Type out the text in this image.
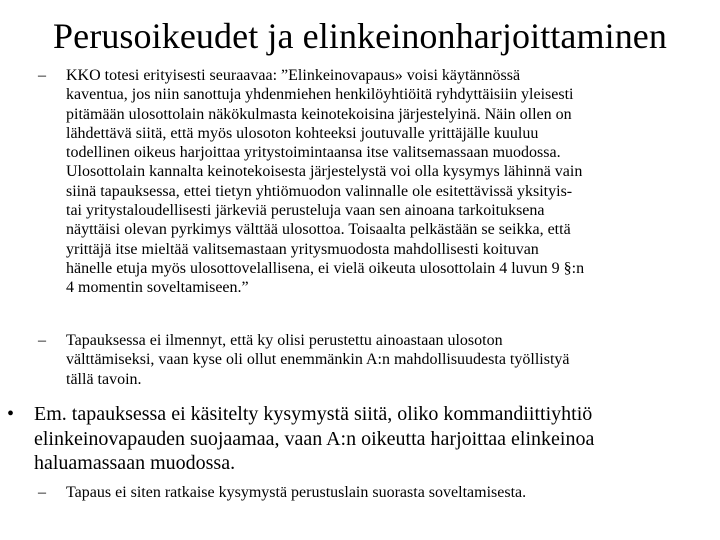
Perusoikeudet ja elinkeinonharjoittaminen
– KKO totesi erityisesti seuraavaa: ”Elinkeinovapaus» voisi käytännössä
kaventua, jos niin sanottuja yhdenmiehen henkilöyhtiöitä ryhdyttäisiin yleisesti
pitämään ulosottolain näkökulmasta keinotekoisina järjestelyinä. Näin ollen on
lähdettävä siitä, että myös ulosoton kohteeksi joutuvalle yrittäjälle kuuluu
todellinen oikeus harjoittaa yritystoimintaansa itse valitsemassaan muodossa.
Ulosottolain kannalta keinotekoisesta järjestelystä voi olla kysymys lähinnä vain
siinä tapauksessa, ettei tietyn yhtiömuodon valinnalle ole esitettävissä yksityis-
tai yritystaloudellisesti järkeviä perusteluja vaan sen ainoana tarkoituksena
näyttäisi olevan pyrkimys välttää ulosottoa. Toisaalta pelkästään se seikka, että
yrittäjä itse mieltää valitsemastaan yritysmuodosta mahdollisesti koituvan
hänelle etuja myös ulosottovelallisena, ei vielä oikeuta ulosottolain 4 luvun 9 §:n
4 momentin soveltamiseen.”
– Tapauksessa ei ilmennyt, että ky olisi perustettu ainoastaan ulosoton
välttämiseksi, vaan kyse oli ollut enemmänkin A:n mahdollisuudesta työllistyä
tällä tavoin.
• Em. tapauksessa ei käsitelty kysymystä siitä, oliko kommandiittiyhtiö
elinkeinovapauden suojaamaa, vaan A:n oikeutta harjoittaa elinkeinoa
haluamassaan muodossa.
– Tapaus ei siten ratkaise kysymystä perustuslain suorasta soveltamisesta.
